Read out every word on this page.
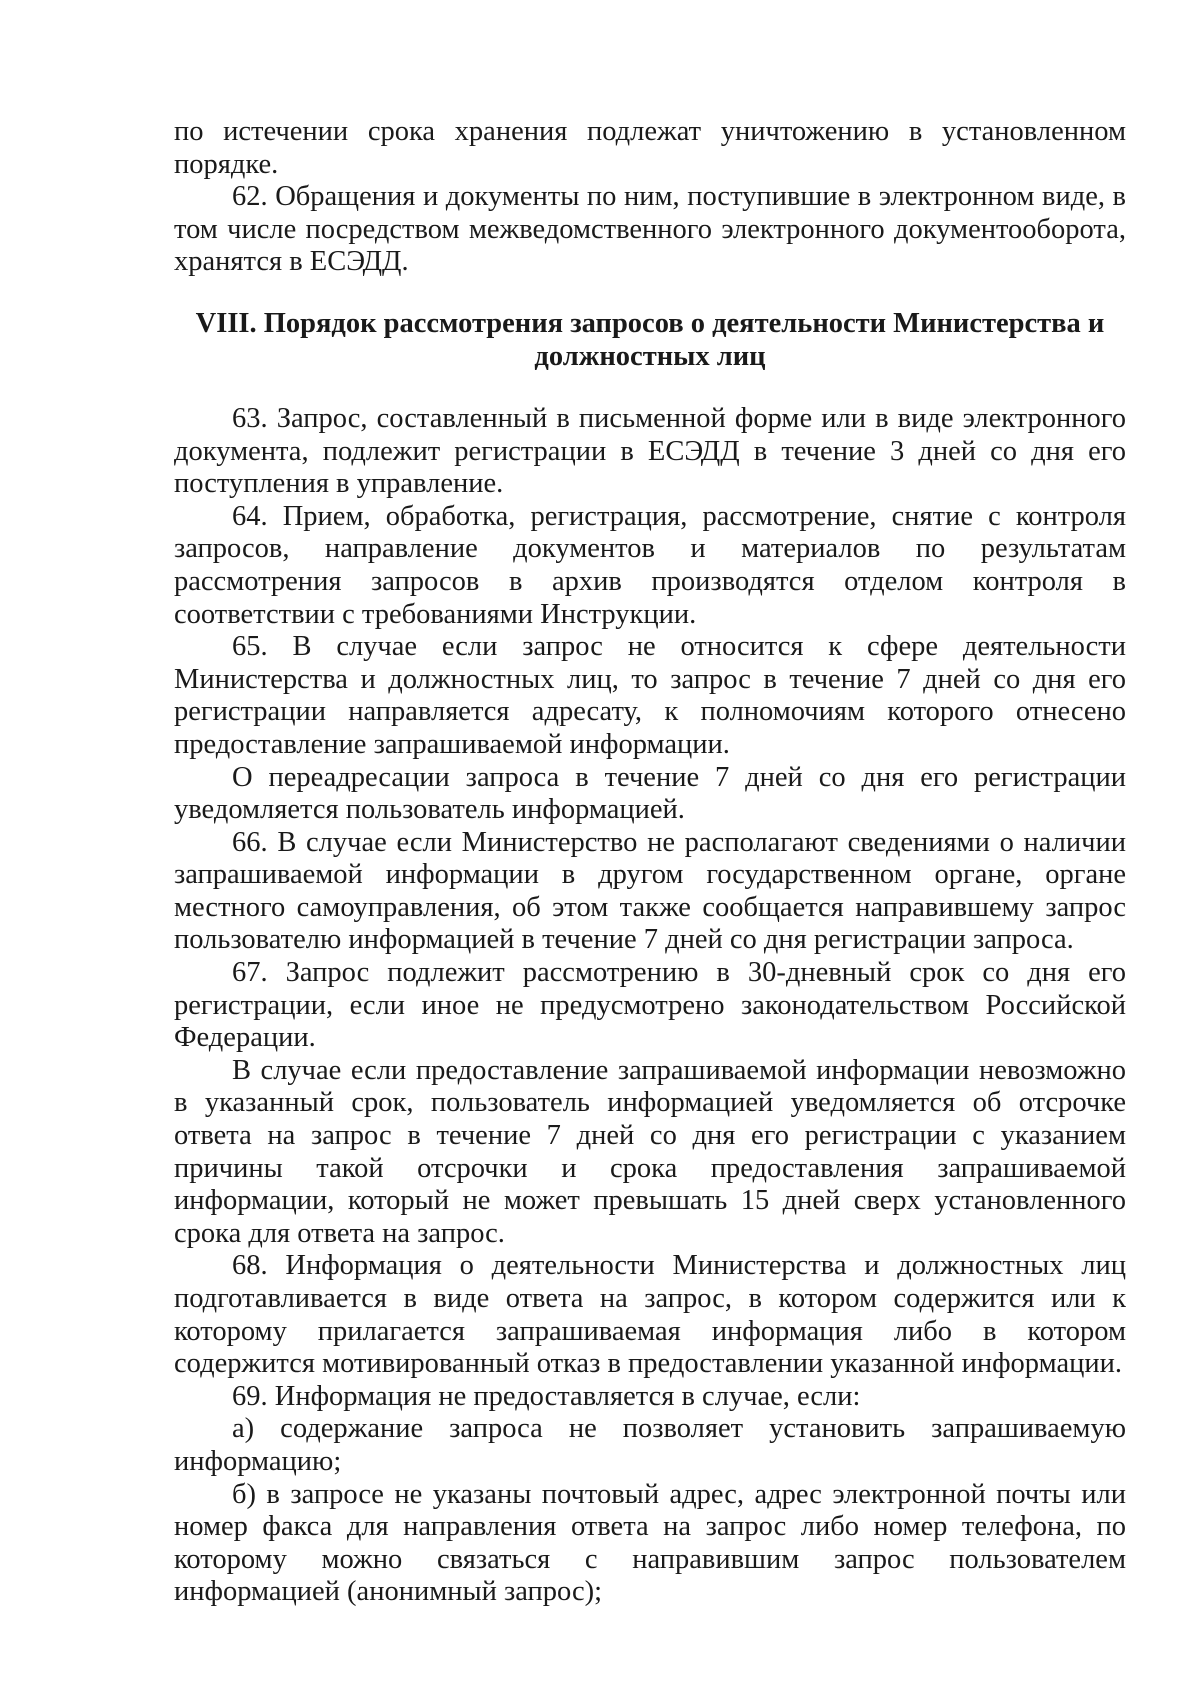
по истечении срока хранения подлежат уничтожению в установленном порядке.

62. Обращения и документы по ним, поступившие в электронном виде, в том числе посредством межведомственного электронного документооборота, хранятся в ЕСЭДД.

VIII. Порядок рассмотрения запросов о деятельности Министерства и
должностных лиц

63. Запрос, составленный в письменной форме или в виде электронного документа, подлежит регистрации в ЕСЭДД в течение 3 дней со дня его поступления в управление.

64. Прием, обработка, регистрация, рассмотрение, снятие с контроля запросов, направление документов и материалов по результатам рассмотрения запросов в архив производятся отделом контроля в соответствии с требованиями Инструкции.

65. В случае если запрос не относится к сфере деятельности Министерства и должностных лиц, то запрос в течение 7 дней со дня его регистрации направляется адресату, к полномочиям которого отнесено предоставление запрашиваемой информации.

О переадресации запроса в течение 7 дней со дня его регистрации уведомляется пользователь информацией.

66. В случае если Министерство не располагают сведениями о наличии запрашиваемой информации в другом государственном органе, органе местного самоуправления, об этом также сообщается направившему запрос пользователю информацией в течение 7 дней со дня регистрации запроса.

67. Запрос подлежит рассмотрению в 30-дневный срок со дня его регистрации, если иное не предусмотрено законодательством Российской Федерации.

В случае если предоставление запрашиваемой информации невозможно в указанный срок, пользователь информацией уведомляется об отсрочке ответа на запрос в течение 7 дней со дня его регистрации с указанием причины такой отсрочки и срока предоставления запрашиваемой информации, который не может превышать 15 дней сверх установленного срока для ответа на запрос.

68. Информация о деятельности Министерства и должностных лиц подготавливается в виде ответа на запрос, в котором содержится или к которому прилагается запрашиваемая информация либо в котором содержится мотивированный отказ в предоставлении указанной информации.

69. Информация не предоставляется в случае, если:

а) содержание запроса не позволяет установить запрашиваемую информацию;

б) в запросе не указаны почтовый адрес, адрес электронной почты или номер факса для направления ответа на запрос либо номер телефона, по которому можно связаться с направившим запрос пользователем информацией (анонимный запрос);
